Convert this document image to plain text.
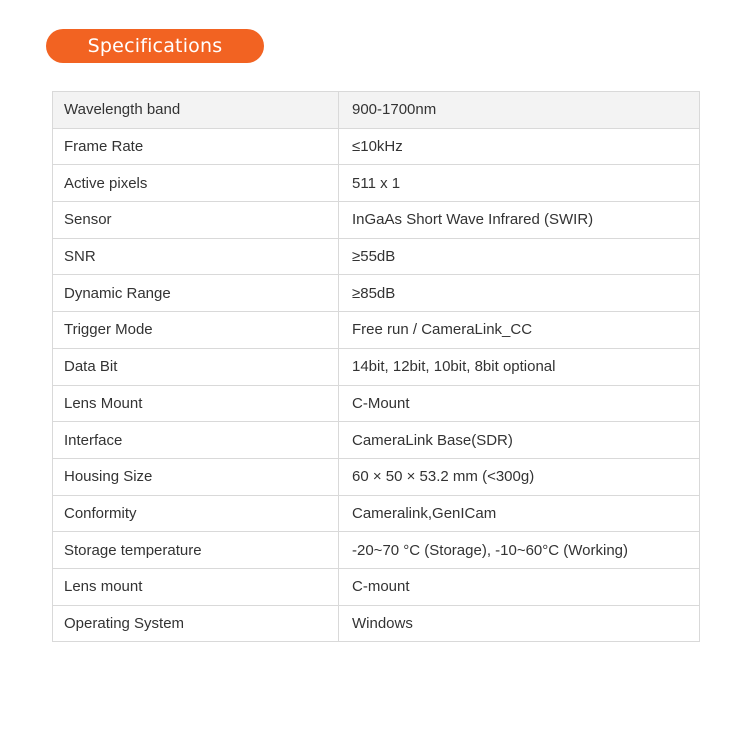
Specifications
Wavelength band	900-1700nm
Frame Rate	≤10kHz
Active pixels	511 x 1
Sensor	InGaAs Short Wave Infrared (SWIR)
SNR	≥55dB
Dynamic Range	≥85dB
Trigger Mode	Free run / CameraLink_CC
Data Bit	14bit, 12bit, 10bit, 8bit optional
Lens Mount	C-Mount
Interface	CameraLink Base(SDR)
Housing Size	60 × 50 × 53.2 mm (<300g)
Conformity	Cameralink,GenICam
Storage temperature	-20~70 °C (Storage), -10~60°C (Working)
Lens mount	C-mount
Operating System	Windows
